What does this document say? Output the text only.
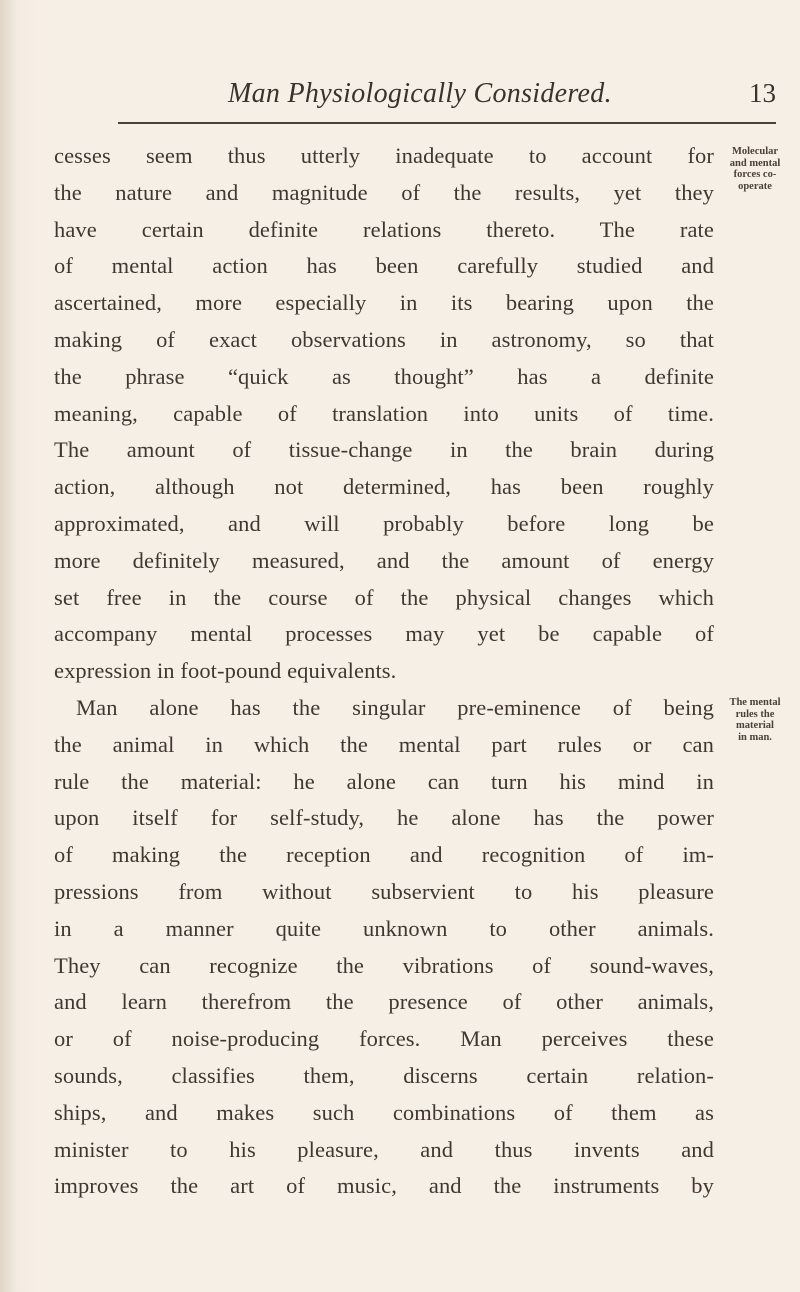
Man Physiologically Considered.	13
cesses seem thus utterly inadequate to account for
the nature and magnitude of the results, yet they
have certain definite relations thereto. The rate
of mental action has been carefully studied and
ascertained, more especially in its bearing upon the
making of exact observations in astronomy, so that
the phrase “quick as thought” has a definite
meaning, capable of translation into units of time.
The amount of tissue-change in the brain during
action, although not determined, has been roughly
approximated, and will probably before long be
more definitely measured, and the amount of energy
set free in the course of the physical changes which
accompany mental processes may yet be capable of
expression in foot-pound equivalents.
Man alone has the singular pre-eminence of being
the animal in which the mental part rules or can
rule the material: he alone can turn his mind in
upon itself for self-study, he alone has the power
of making the reception and recognition of im-
pressions from without subservient to his pleasure
in a manner quite unknown to other animals.
They can recognize the vibrations of sound-waves,
and learn therefrom the presence of other animals,
or of noise-producing forces. Man perceives these
sounds, classifies them, discerns certain relation-
ships, and makes such combinations of them as
minister to his pleasure, and thus invents and
improves the art of music, and the instruments by
Molecular
and mental
forces co-
operate
The mental
rules the
material
in man.
